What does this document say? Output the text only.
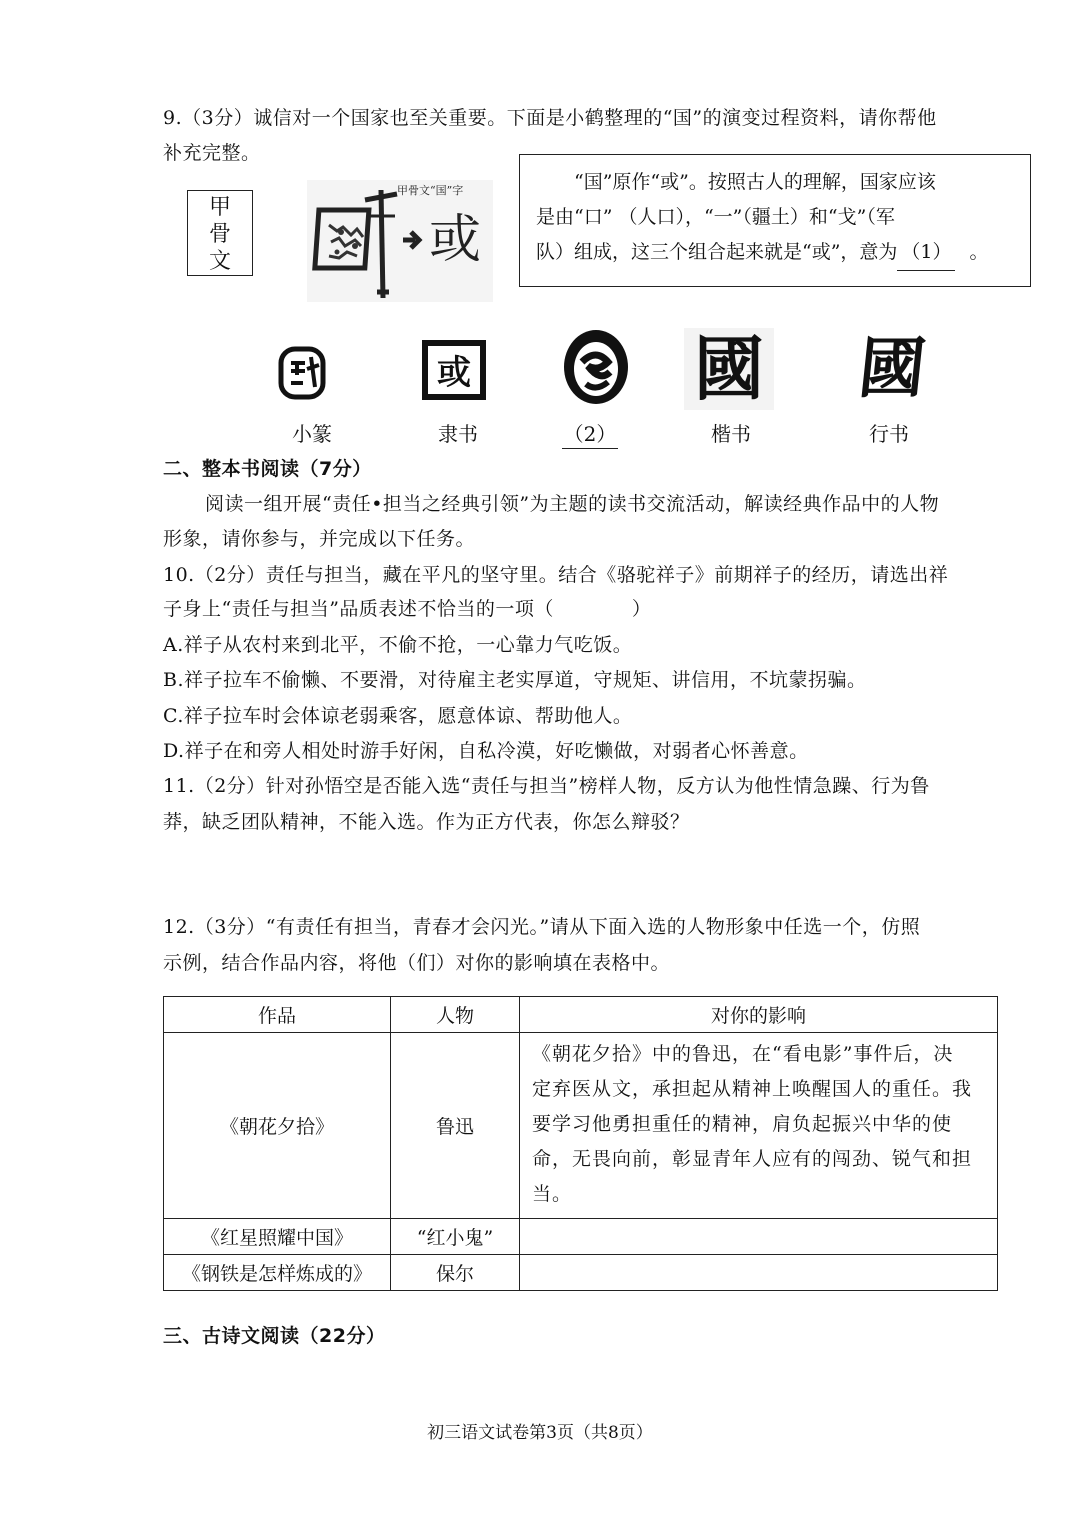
9.（3分）诚信对一个国家也至关重要。下面是小鹤整理的“国”的演变过程资料，请你帮他
补充完整。
甲
骨
文
甲骨文“国”字
或
“国”原作“或”。按照古人的理解，国家应该
是由“口” （人口），“一”（疆土）和“戈”（军
队）组成，这三个组合起来就是“或”，意为 （1） 。
或	國 國
小篆	隶书	（2）	楷书	行书
二、整本书阅读（7分）
阅读一组开展“责任•担当之经典引领”为主题的读书交流活动，解读经典作品中的人物
形象，请你参与，并完成以下任务。
10.（2分）责任与担当，藏在平凡的坚守里。结合《骆驼祥子》前期祥子的经历，请选出祥
子身上“责任与担当”品质表述不恰当的一项（　　　　）
A.祥子从农村来到北平，不偷不抢，一心靠力气吃饭。
B.祥子拉车不偷懒、不要滑，对待雇主老实厚道，守规矩、讲信用，不坑蒙拐骗。
C.祥子拉车时会体谅老弱乘客，愿意体谅、帮助他人。
D.祥子在和旁人相处时游手好闲，自私冷漠，好吃懒做，对弱者心怀善意。
11.（2分）针对孙悟空是否能入选“责任与担当”榜样人物，反方认为他性情急躁、行为鲁
莽，缺乏团队精神，不能入选。作为正方代表，你怎么辩驳？
12.（3分）“有责任有担当，青春才会闪光。”请从下面入选的人物形象中任选一个，仿照
示例，结合作品内容，将他（们）对你的影响填在表格中。
作品	人物	对你的影响
《朝花夕拾》	鲁迅	《朝花夕拾》中的鲁迅，在“看电影”事件后，决
定弃医从文，承担起从精神上唤醒国人的重任。我
要学习他勇担重任的精神，肩负起振兴中华的使
命，无畏向前，彰显青年人应有的闯劲、锐气和担
当。

《红星照耀中国》	“红小鬼”	
《钢铁是怎样炼成的》	保尔	
三、古诗文阅读（22分）
初三语文试卷第3页（共8页）
